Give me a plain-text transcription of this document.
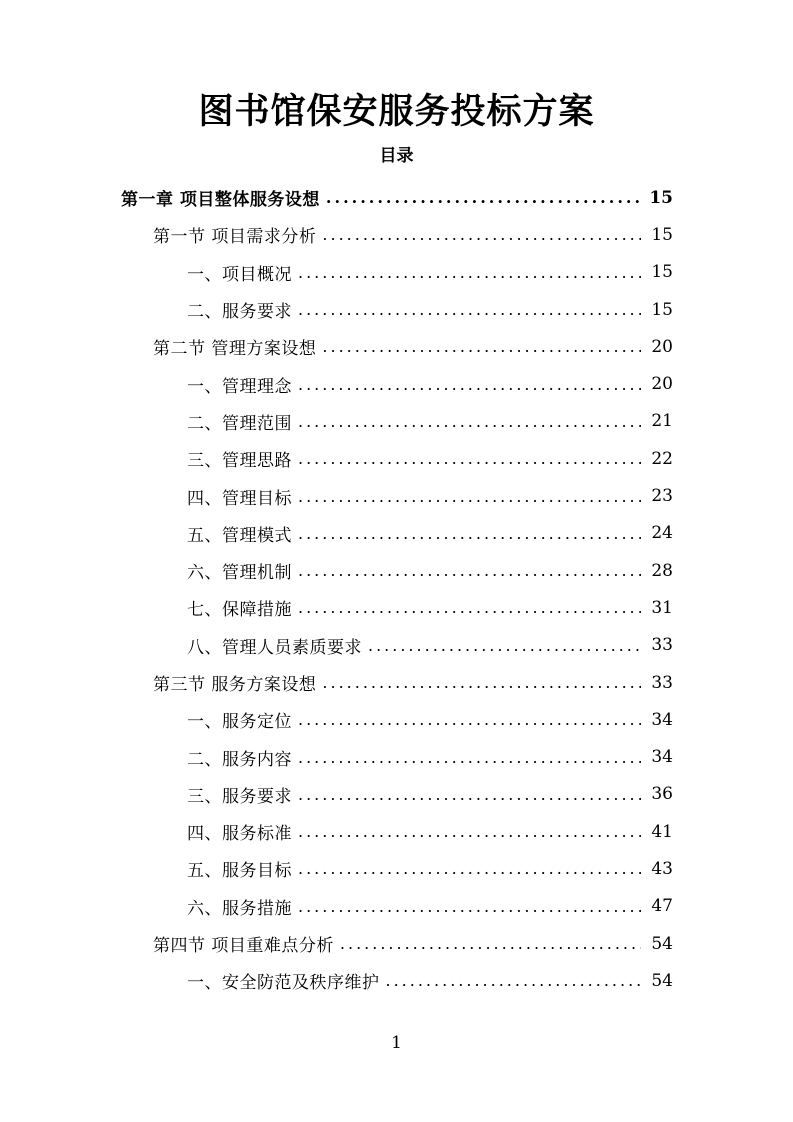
图书馆保安服务投标方案
目录
第一章 项目整体服务设想 .....	15
第一节 项目需求分析 .....	15
一、项目概况 .....	15
二、服务要求 .....	15
第二节 管理方案设想 .....	20
一、管理理念 .....	20
二、管理范围 .....	21
三、管理思路 .....	22
四、管理目标 .....	23
五、管理模式 .....	24
六、管理机制 .....	28
七、保障措施 .....	31
八、管理人员素质要求 .....	33
第三节 服务方案设想 .....	33
一、服务定位 .....	34
二、服务内容 .....	34
三、服务要求 .....	36
四、服务标准 .....	41
五、服务目标 .....	43
六、服务措施 .....	47
第四节 项目重难点分析 .....	54
一、安全防范及秩序维护 .....	54

1
